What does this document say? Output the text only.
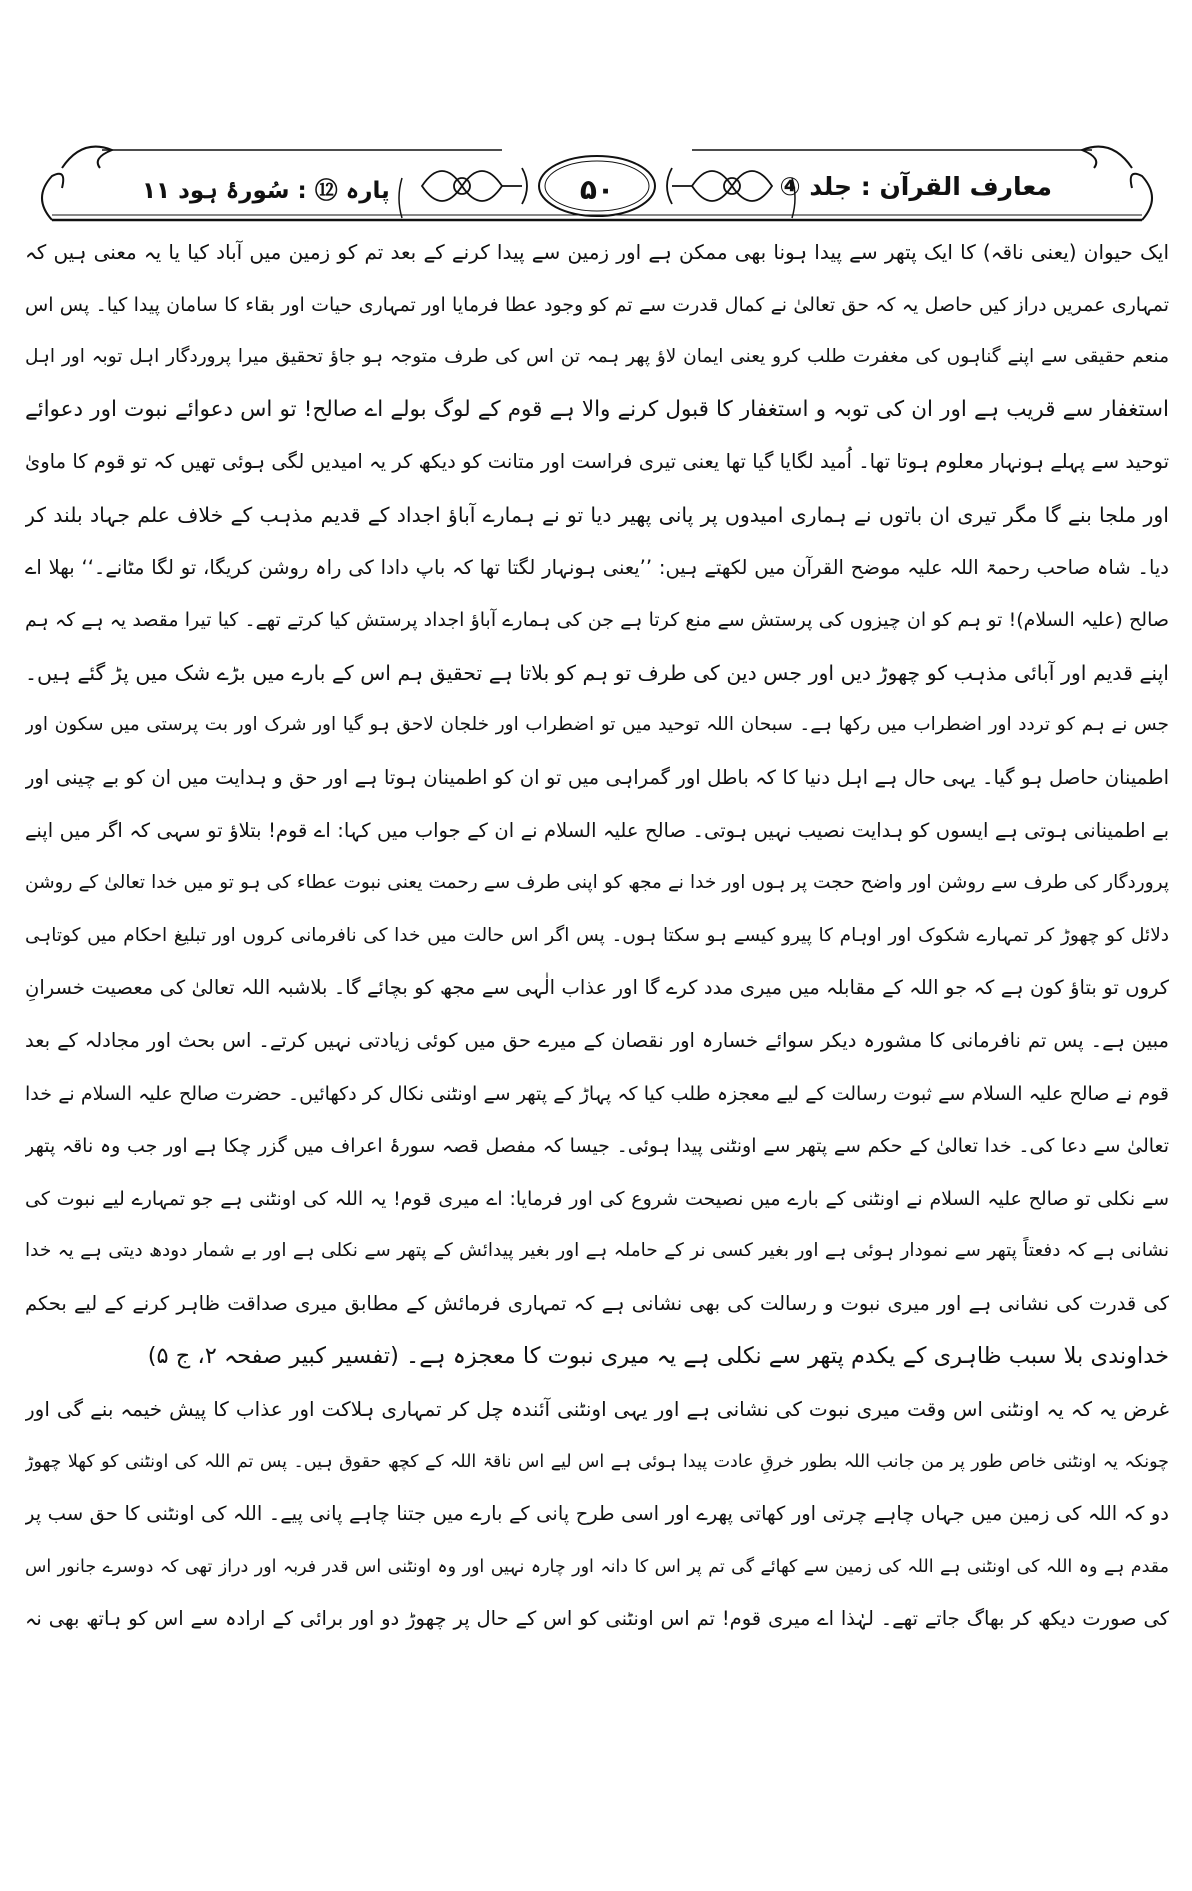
معارف القرآن : جلد ④
۵۰
پارہ ⑫ : سُورۂ ہود ۱۱
ایک حیوان (یعنی ناقہ) کا ایک پتھر سے پیدا ہونا بھی ممکن ہے اور زمین سے پیدا کرنے کے بعد تم کو زمین میں آباد کیا یا یہ معنی ہیں کہ
تمہاری عمریں دراز کیں حاصل یہ کہ حق تعالیٰ نے کمال قدرت سے تم کو وجود عطا فرمایا اور تمہاری حیات اور بقاء کا سامان پیدا کیا۔ پس اس
منعم حقیقی سے اپنے گناہوں کی مغفرت طلب کرو یعنی ایمان لاؤ پھر ہمہ تن اس کی طرف متوجہ ہو جاؤ تحقیق میرا پروردگار اہل توبہ اور اہل
استغفار سے قریب ہے اور ان کی توبہ و استغفار کا قبول کرنے والا ہے قوم کے لوگ بولے اے صالح! تو اس دعوائے نبوت اور دعوائے
توحید سے پہلے ہونہار معلوم ہوتا تھا۔ اُمید لگایا گیا تھا یعنی تیری فراست اور متانت کو دیکھ کر یہ امیدیں لگی ہوئی تھیں کہ تو قوم کا ماویٰ
اور ملجا بنے گا مگر تیری ان باتوں نے ہماری امیدوں پر پانی پھیر دیا تو نے ہمارے آباؤ اجداد کے قدیم مذہب کے خلاف علم جہاد بلند کر
دیا۔ شاہ صاحب رحمۃ اللہ علیہ موضح القرآن میں لکھتے ہیں: ’’یعنی ہونہار لگتا تھا کہ باپ دادا کی راہ روشن کریگا، تو لگا مٹانے۔‘‘ بھلا اے
صالح (علیہ السلام)! تو ہم کو ان چیزوں کی پرستش سے منع کرتا ہے جن کی ہمارے آباؤ اجداد پرستش کیا کرتے تھے۔ کیا تیرا مقصد یہ ہے کہ ہم
اپنے قدیم اور آبائی مذہب کو چھوڑ دیں اور جس دین کی طرف تو ہم کو بلاتا ہے تحقیق ہم اس کے بارے میں بڑے شک میں پڑ گئے ہیں۔
جس نے ہم کو تردد اور اضطراب میں رکھا ہے۔ سبحان اللہ توحید میں تو اضطراب اور خلجان لاحق ہو گیا اور شرک اور بت پرستی میں سکون اور
اطمینان حاصل ہو گیا۔ یہی حال ہے اہل دنیا کا کہ باطل اور گمراہی میں تو ان کو اطمینان ہوتا ہے اور حق و ہدایت میں ان کو بے چینی اور
بے اطمینانی ہوتی ہے ایسوں کو ہدایت نصیب نہیں ہوتی۔ صالح علیہ السلام نے ان کے جواب میں کہا: اے قوم! بتلاؤ تو سہی کہ اگر میں اپنے
پروردگار کی طرف سے روشن اور واضح حجت پر ہوں اور خدا نے مجھ کو اپنی طرف سے رحمت یعنی نبوت عطاء کی ہو تو میں خدا تعالیٰ کے روشن
دلائل کو چھوڑ کر تمہارے شکوک اور اوہام کا پیرو کیسے ہو سکتا ہوں۔ پس اگر اس حالت میں خدا کی نافرمانی کروں اور تبلیغ احکام میں کوتاہی
کروں تو بتاؤ کون ہے کہ جو اللہ کے مقابلہ میں میری مدد کرے گا اور عذاب الٰہی سے مجھ کو بچائے گا۔ بلاشبہ اللہ تعالیٰ کی معصیت خسرانِ
مبین ہے۔ پس تم نافرمانی کا مشورہ دیکر سوائے خسارہ اور نقصان کے میرے حق میں کوئی زیادتی نہیں کرتے۔ اس بحث اور مجادلہ کے بعد
قوم نے صالح علیہ السلام سے ثبوت رسالت کے لیے معجزہ طلب کیا کہ پہاڑ کے پتھر سے اونٹنی نکال کر دکھائیں۔ حضرت صالح علیہ السلام نے خدا
تعالیٰ سے دعا کی۔ خدا تعالیٰ کے حکم سے پتھر سے اونٹنی پیدا ہوئی۔ جیسا کہ مفصل قصہ سورۂ اعراف میں گزر چکا ہے اور جب وہ ناقہ پتھر
سے نکلی تو صالح علیہ السلام نے اونٹنی کے بارے میں نصیحت شروع کی اور فرمایا: اے میری قوم! یہ اللہ کی اونٹنی ہے جو تمہارے لیے نبوت کی
نشانی ہے کہ دفعتاً پتھر سے نمودار ہوئی ہے اور بغیر کسی نر کے حاملہ ہے اور بغیر پیدائش کے پتھر سے نکلی ہے اور بے شمار دودھ دیتی ہے یہ خدا
کی قدرت کی نشانی ہے اور میری نبوت و رسالت کی بھی نشانی ہے کہ تمہاری فرمائش کے مطابق میری صداقت ظاہر کرنے کے لیے بحکم
خداوندی بلا سبب ظاہری کے یکدم پتھر سے نکلی ہے یہ میری نبوت کا معجزہ ہے۔ (تفسیر کبیر صفحہ ۲، ج ۵)
غرض یہ کہ یہ اونٹنی اس وقت میری نبوت کی نشانی ہے اور یہی اونٹنی آئندہ چل کر تمہاری ہلاکت اور عذاب کا پیش خیمہ بنے گی اور
چونکہ یہ اونٹنی خاص طور پر من جانب اللہ بطور خرقِ عادت پیدا ہوئی ہے اس لیے اس ناقۃ اللہ کے کچھ حقوق ہیں۔ پس تم اللہ کی اونٹنی کو کھلا چھوڑ
دو کہ اللہ کی زمین میں جہاں چاہے چرتی اور کھاتی پھرے اور اسی طرح پانی کے بارے میں جتنا چاہے پانی پیے۔ اللہ کی اونٹنی کا حق سب پر
مقدم ہے وہ اللہ کی اونٹنی ہے اللہ کی زمین سے کھائے گی تم پر اس کا دانہ اور چارہ نہیں اور وہ اونٹنی اس قدر فربہ اور دراز تھی کہ دوسرے جانور اس
کی صورت دیکھ کر بھاگ جاتے تھے۔ لہٰذا اے میری قوم! تم اس اونٹنی کو اس کے حال پر چھوڑ دو اور برائی کے ارادہ سے اس کو ہاتھ بھی نہ
